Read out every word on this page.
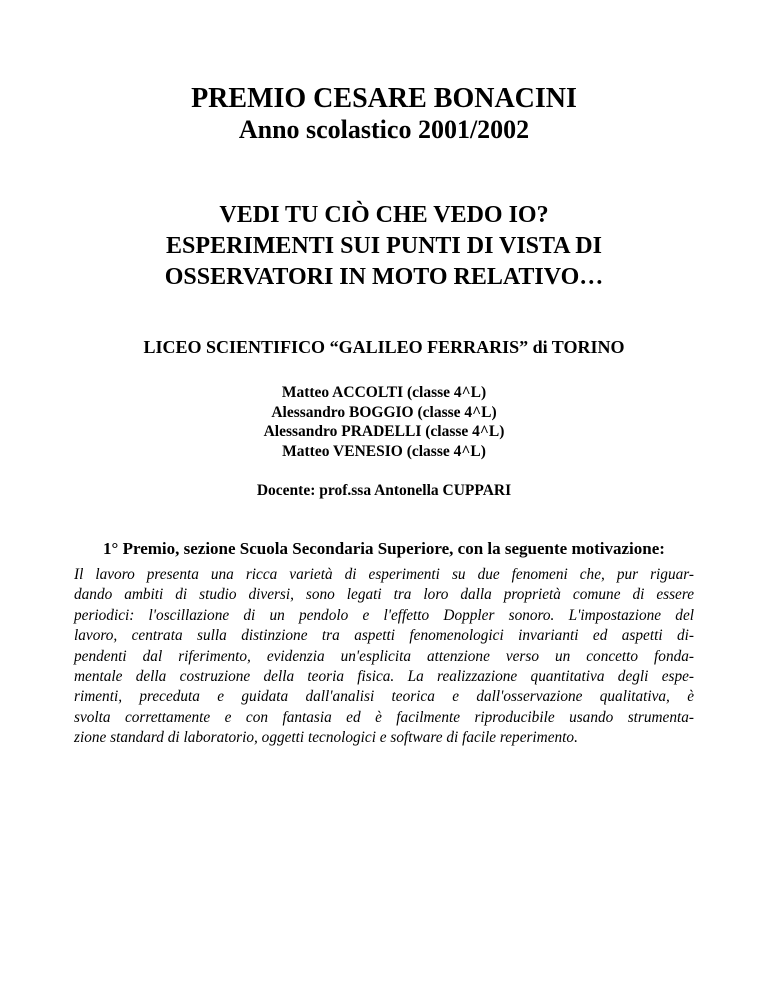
PREMIO CESARE BONACINI
Anno scolastico 2001/2002
VEDI TU CIÒ CHE VEDO IO?
ESPERIMENTI SUI PUNTI DI VISTA DI
OSSERVATORI IN MOTO RELATIVO…
LICEO SCIENTIFICO “GALILEO FERRARIS” di TORINO
Matteo ACCOLTI (classe 4^L)
Alessandro BOGGIO (classe 4^L)
Alessandro PRADELLI (classe 4^L)
Matteo VENESIO (classe 4^L)
Docente: prof.ssa Antonella CUPPARI
1° Premio, sezione Scuola Secondaria Superiore, con la seguente motivazione:
Il lavoro presenta una ricca varietà di esperimenti su due fenomeni che, pur riguar-
dando ambiti di studio diversi, sono legati tra loro dalla proprietà comune di essere
periodici: l'oscillazione di un pendolo e l'effetto Doppler sonoro. L'impostazione del
lavoro, centrata sulla distinzione tra aspetti fenomenologici invarianti ed aspetti di-
pendenti dal riferimento, evidenzia un'esplicita attenzione verso un concetto fonda-
mentale della costruzione della teoria fisica. La realizzazione quantitativa degli espe-
rimenti, preceduta e guidata dall'analisi teorica e dall'osservazione qualitativa, è
svolta correttamente e con fantasia ed è facilmente riproducibile usando strumenta-
zione standard di laboratorio, oggetti tecnologici e software di facile reperimento.
